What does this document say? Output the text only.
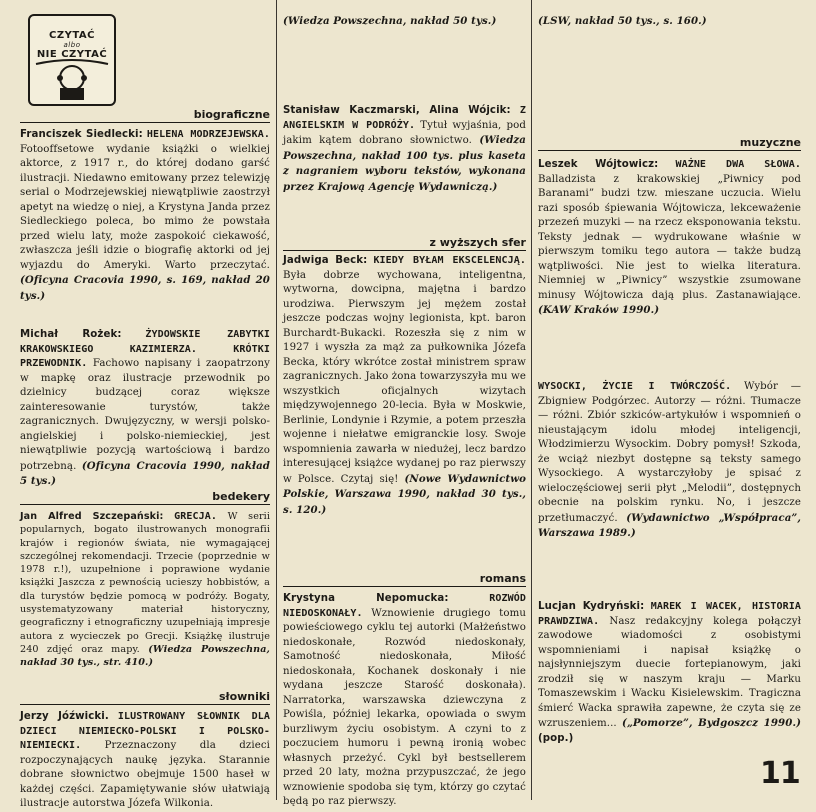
CZYTAĆ
albo
NIE CZYTAĆ
biograficzne
Franciszek Siedlecki: HELENA MODRZEJEWSKA. Fotooffsetowe wydanie książki o wielkiej aktorce, z 1917 r., do której dodano garść ilustracji. Niedawno emitowany przez telewizję serial o Modrzejewskiej niewątpliwie zaostrzył apetyt na wiedzę o niej, a Krystyna Janda przez Siedleckiego poleca, bo mimo że powstała przed wielu laty, może zaspokoić ciekawość, zwłaszcza jeśli idzie o biografię aktorki od jej wyjazdu do Ameryki. Warto przeczytać. (Oficyna Cracovia 1990, s. 169, nakład 20 tys.)
Michał Rożek: ŻYDOWSKIE ZABYTKI KRAKOWSKIEGO KAZIMIERZA. KRÓTKI PRZEWODNIK. Fachowo napisany i zaopatrzony w mapkę oraz ilustracje przewodnik po dzielnicy budzącej coraz większe zainteresowanie turystów, także zagranicznych. Dwujęzyczny, w wersji polsko-angielskiej i polsko-niemieckiej, jest niewątpliwie pozycją wartościową i bardzo potrzebną. (Oficyna Cracovia 1990, nakład 5 tys.)
bedekery
Jan Alfred Szczepański: GRECJA. W serii popularnych, bogato ilustrowanych monografii krajów i regionów świata, nie wymagającej szczególnej rekomendacji. Trzecie (poprzednie w 1978 r.!), uzupełnione i poprawione wydanie książki Jaszcza z pewnością ucieszy hobbistów, a dla turystów będzie pomocą w podróży. Bogaty, usystematyzowany materiał historyczny, geograficzny i etnograficzny uzupełniają impresje autora z wycieczek po Grecji. Książkę ilustruje 240 zdjęć oraz mapy. (Wiedza Powszechna, nakład 30 tys., str. 410.)
słowniki
Jerzy Jóźwicki. ILUSTROWANY SŁOWNIK DLA DZIECI NIEMIECKO-POLSKI I POLSKO-NIEMIECKI. Przeznaczony dla dzieci rozpoczynających naukę języka. Starannie dobrane słownictwo obejmuje 1500 haseł w każdej części. Zapamiętywanie słów ułatwiają ilustracje autorstwa Józefa Wilkonia.
(Wiedza Powszechna, nakład 50 tys.)
Stanisław Kaczmarski, Alina Wójcik: Z ANGIELSKIM W PODRÓŻY. Tytuł wyjaśnia, pod jakim kątem dobrano słownictwo. (Wiedza Powszechna, nakład 100 tys. plus kaseta z nagraniem wyboru tekstów, wykonana przez Krajową Agencję Wydawniczą.)
z wyższych sfer
Jadwiga Beck: KIEDY BYŁAM EKSCELENCJĄ. Była dobrze wychowana, inteligentna, wytworna, dowcipna, majętna i bardzo urodziwa. Pierwszym jej mężem został jeszcze podczas wojny legionista, kpt. baron Burchardt-Bukacki. Rozeszła się z nim w 1927 i wyszła za mąż za pułkownika Józefa Becka, który wkrótce został ministrem spraw zagranicznych. Jako żona towarzyszyła mu we wszystkich oficjalnych wizytach międzywojennego 20-lecia. Była w Moskwie, Berlinie, Londynie i Rzymie, a potem przeszła wojenne i niełatwe emigranckie losy. Swoje wspomnienia zawarła w niedużej, lecz bardzo interesującej książce wydanej po raz pierwszy w Polsce. Czytaj się! (Nowe Wydawnictwo Polskie, Warszawa 1990, nakład 30 tys., s. 120.)
romans
Krystyna Nepomucka:	ROZWÓD NIEDOSKONAŁY. Wznowienie drugiego tomu powieściowego cyklu tej autorki (Małżeństwo niedoskonałe, Rozwód niedoskonały, Samotność niedoskonała, Miłość niedoskonała, Kochanek doskonały i nie wydana jeszcze Starość doskonała). Narratorka, warszawska dziewczyna z Powiśla, później lekarka, opowiada o swym burzliwym życiu osobistym. A czyni to z poczuciem humoru i pewną ironią wobec własnych przeżyć. Cykl był bestsellerem przed 20 laty, można przypuszczać, że jego wznowienie spodoba się tym, którzy go czytać będą po raz pierwszy.
(LSW, nakład 50 tys., s. 160.)
muzyczne
Leszek Wójtowicz: WAŻNE DWA SŁOWA. Balladzista z krakowskiej „Piwnicy pod Baranami” budzi tzw. mieszane uczucia. Wielu razi sposób śpiewania Wójtowicza, lekceważenie przezeń muzyki — na rzecz eksponowania tekstu. Teksty jednak — wydrukowane właśnie w pierwszym tomiku tego autora — także budzą wątpliwości. Nie jest to wielka literatura. Niemniej w „Piwnicy” wszystkie zsumowane minusy Wójtowicza dają plus. Zastanawiające. (KAW Kraków 1990.)
WYSOCKI, ŻYCIE I TWÓRCZOŚĆ. Wybór — Zbigniew Podgórzec. Autorzy — różni. Tłumacze — różni. Zbiór szkiców-artykułów i wspomnień o nieustającym idolu młodej inteligencji, Włodzimierzu Wysockim. Dobry pomysł! Szkoda, że wciąż niezbyt dostępne są teksty samego Wysockiego. A wystarczyłoby je spisać z wieloczęściowej serii płyt „Melodii”, dostępnych obecnie na polskim rynku. No, i jeszcze przetłumaczyć. (Wydawnictwo „Współpraca”, Warszawa 1989.)
Lucjan Kydryński: MAREK I WACEK, HISTORIA PRAWDZIWA. Nasz redakcyjny kolega połączył zawodowe wiadomości z osobistymi wspomnieniami i napisał książkę o najsłynniejszym duecie fortepianowym, jaki zrodził się w naszym kraju — Marku Tomaszewskim i Wacku Kisielewskim. Tragiczna śmierć Wacka sprawiła zapewne, że czyta się ze wzruszeniem... („Pomorze”, Bydgoszcz 1990.) (pop.)
11
